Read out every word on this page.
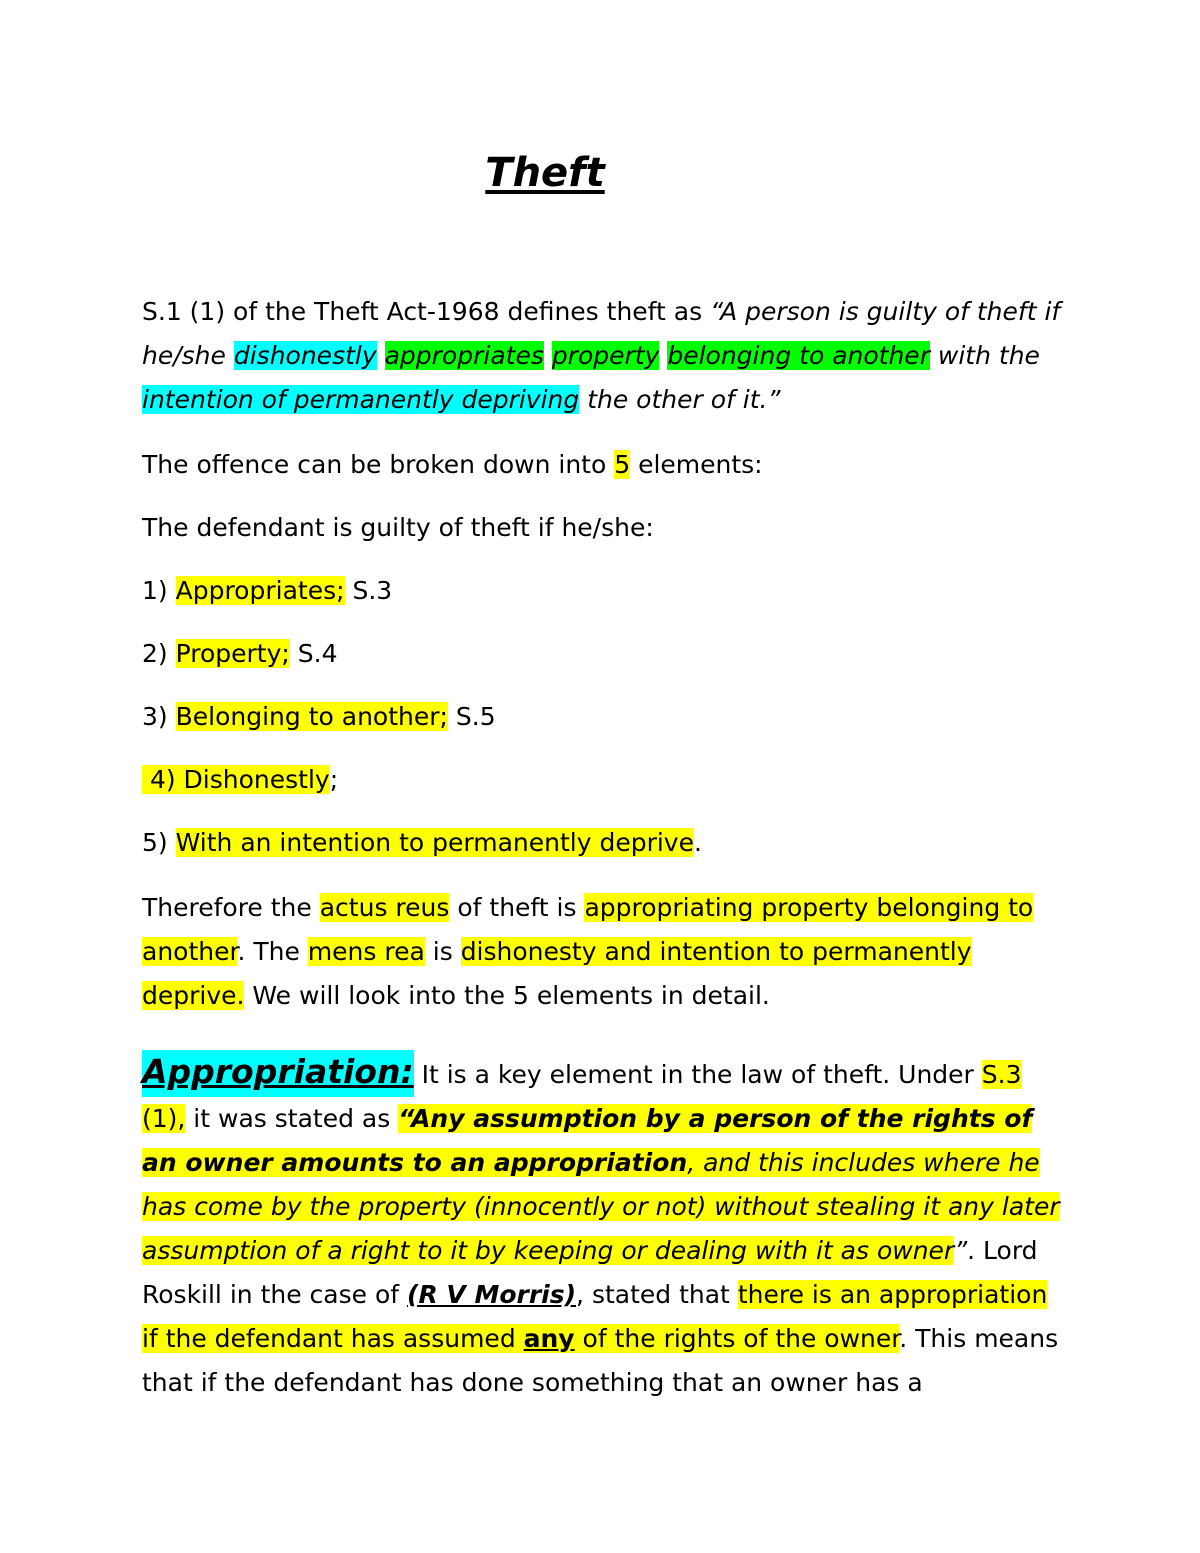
Theft

S.1 (1) of the Theft Act-1968 defines theft as “A person is guilty of theft if he/she dishonestly appropriates property belonging to another with the intention of permanently depriving the other of it.”

The offence can be broken down into 5 elements:

The defendant is guilty of theft if he/she:

1) Appropriates; S.3

2) Property; S.4

3) Belonging to another; S.5

4) Dishonestly;

5) With an intention to permanently deprive.

Therefore the actus reus of theft is appropriating property belonging to another. The mens rea is dishonesty and intention to permanently deprive. We will look into the 5 elements in detail.

Appropriation: It is a key element in the law of theft. Under S.3 (1), it was stated as “Any assumption by a person of the rights of an owner amounts to an appropriation, and this includes where he has come by the property (innocently or not) without stealing it any later assumption of a right to it by keeping or dealing with it as owner”. Lord Roskill in the case of (R V Morris), stated that there is an appropriation if the defendant has assumed any of the rights of the owner. This means that if the defendant has done something that an owner has a
